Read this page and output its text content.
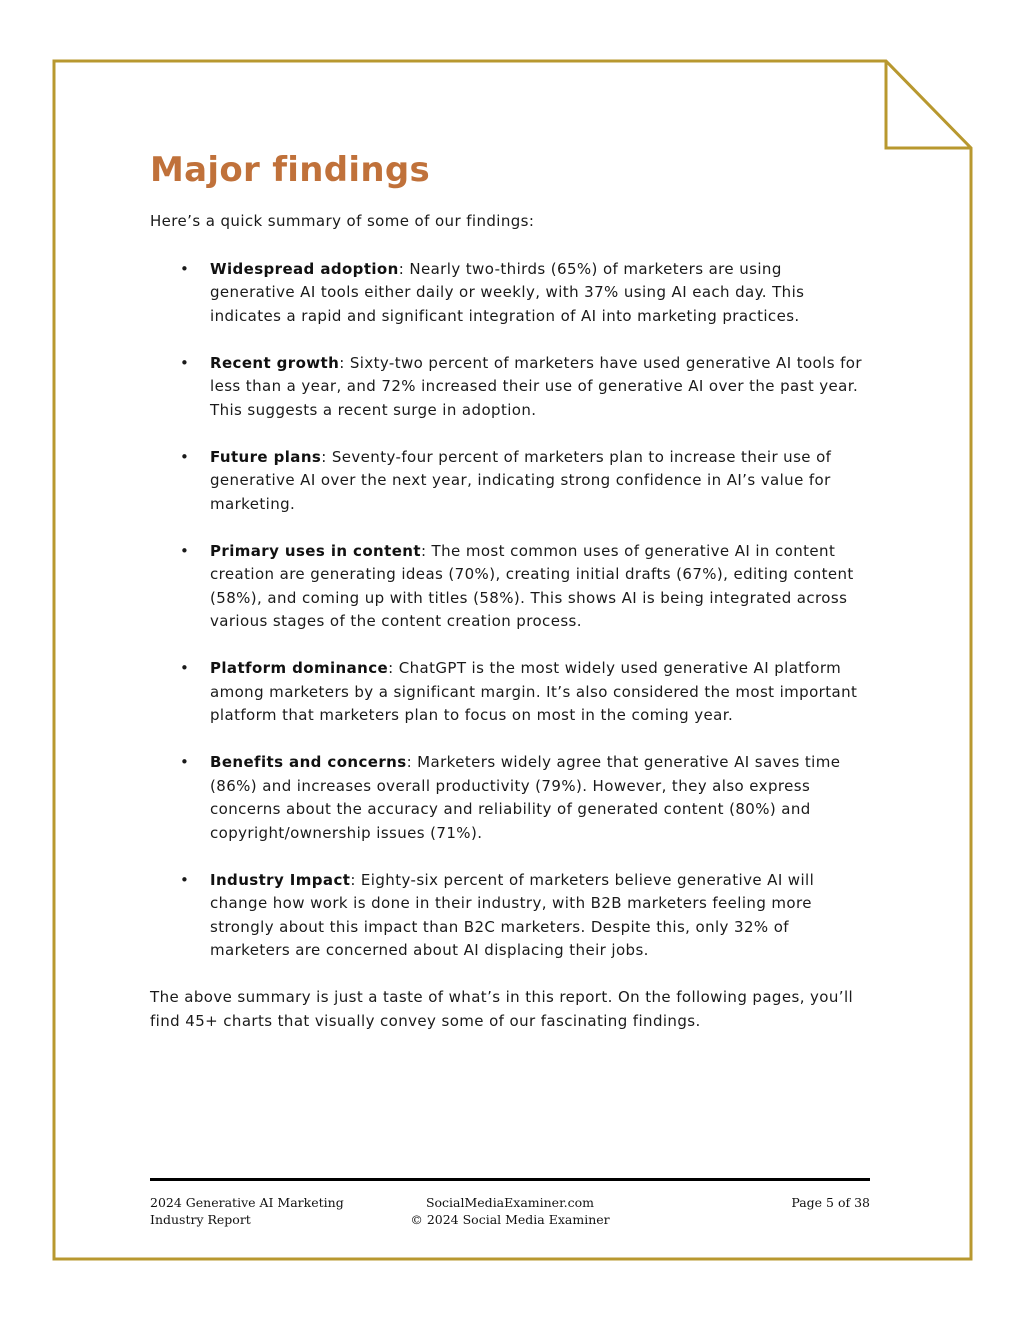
Major findings

Here’s a quick summary of some of our findings:

• Widespread adoption: Nearly two-thirds (65%) of marketers are using generative AI tools either daily or weekly, with 37% using AI each day. This indicates a rapid and significant integration of AI into marketing practices.
• Recent growth: Sixty-two percent of marketers have used generative AI tools for less than a year, and 72% increased their use of generative AI over the past year. This suggests a recent surge in adoption.
• Future plans: Seventy-four percent of marketers plan to increase their use of generative AI over the next year, indicating strong confidence in AI’s value for marketing.
• Primary uses in content: The most common uses of generative AI in content creation are generating ideas (70%), creating initial drafts (67%), editing content (58%), and coming up with titles (58%). This shows AI is being integrated across various stages of the content creation process.
• Platform dominance: ChatGPT is the most widely used generative AI platform among marketers by a significant margin. It’s also considered the most important platform that marketers plan to focus on most in the coming year.
• Benefits and concerns: Marketers widely agree that generative AI saves time (86%) and increases overall productivity (79%). However, they also express concerns about the accuracy and reliability of generated content (80%) and copyright/ownership issues (71%).
• Industry Impact: Eighty-six percent of marketers believe generative AI will change how work is done in their industry, with B2B marketers feeling more strongly about this impact than B2C marketers. Despite this, only 32% of marketers are concerned about AI displacing their jobs.

The above summary is just a taste of what’s in this report. On the following pages, you’ll find 45+ charts that visually convey some of our fascinating findings.

2024 Generative AI Marketing
Industry Report
SocialMediaExaminer.com
© 2024 Social Media Examiner
Page 5 of 38
